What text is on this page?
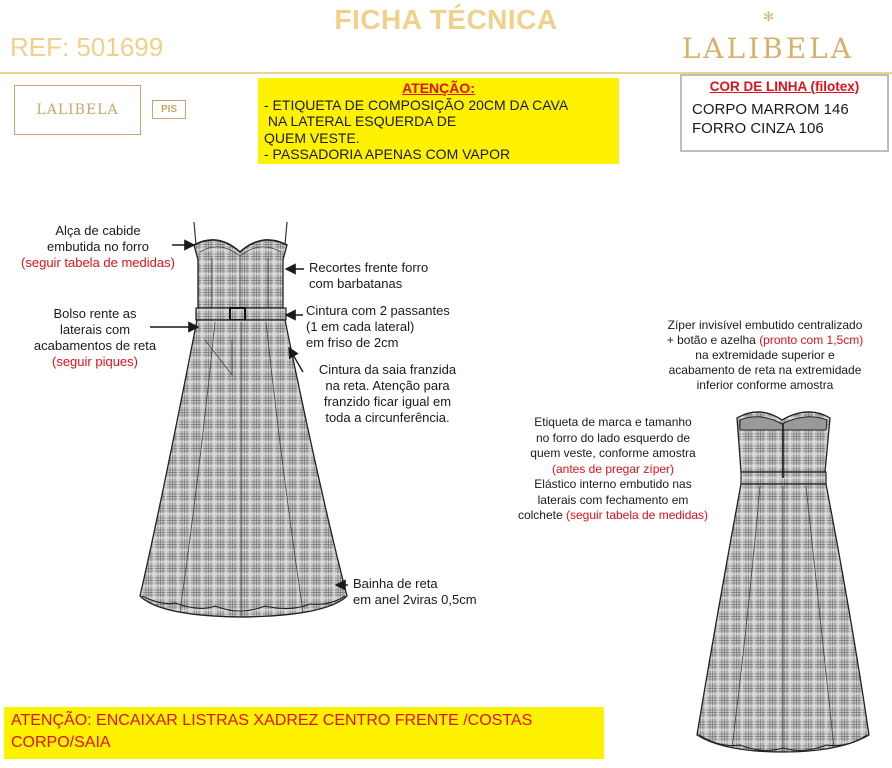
✻
FICHA TÉCNICA
REF: 501699	LALIBELA
LALIBELA	PIS
ATENÇÃO:
- ETIQUETA DE COMPOSIÇÃO 20CM DA CAVA
NA LATERAL ESQUERDA DE
QUEM VESTE.
- PASSADORIA APENAS COM VAPOR
COR DE LINHA (filotex)
CORPO MARROM 146
FORRO CINZA 106
Alça de cabide
embutida no forro
(seguir tabela de medidas)
Bolso rente as
laterais com
acabamentos de reta
(seguir piques)
Recortes frente forro
com barbatanas
Cintura com 2 passantes
(1 em cada lateral)
em friso de 2cm
Cintura da saia franzida
na reta. Atenção para
franzido ficar igual em
toda a circunferência.
Bainha de reta
em anel 2viras 0,5cm
Zíper invisível embutido centralizado
+ botão e azelha (pronto com 1,5cm)
na extremidade superior e
acabamento de reta na extremidade
inferior conforme amostra
Etiqueta de marca e tamanho
no forro do lado esquerdo de
quem veste, conforme amostra
(antes de pregar zíper)
Elástico interno embutido nas
laterais com fechamento em
colchete (seguir tabela de medidas)
ATENÇÃO: ENCAIXAR LISTRAS XADREZ CENTRO FRENTE /COSTAS
CORPO/SAIA
